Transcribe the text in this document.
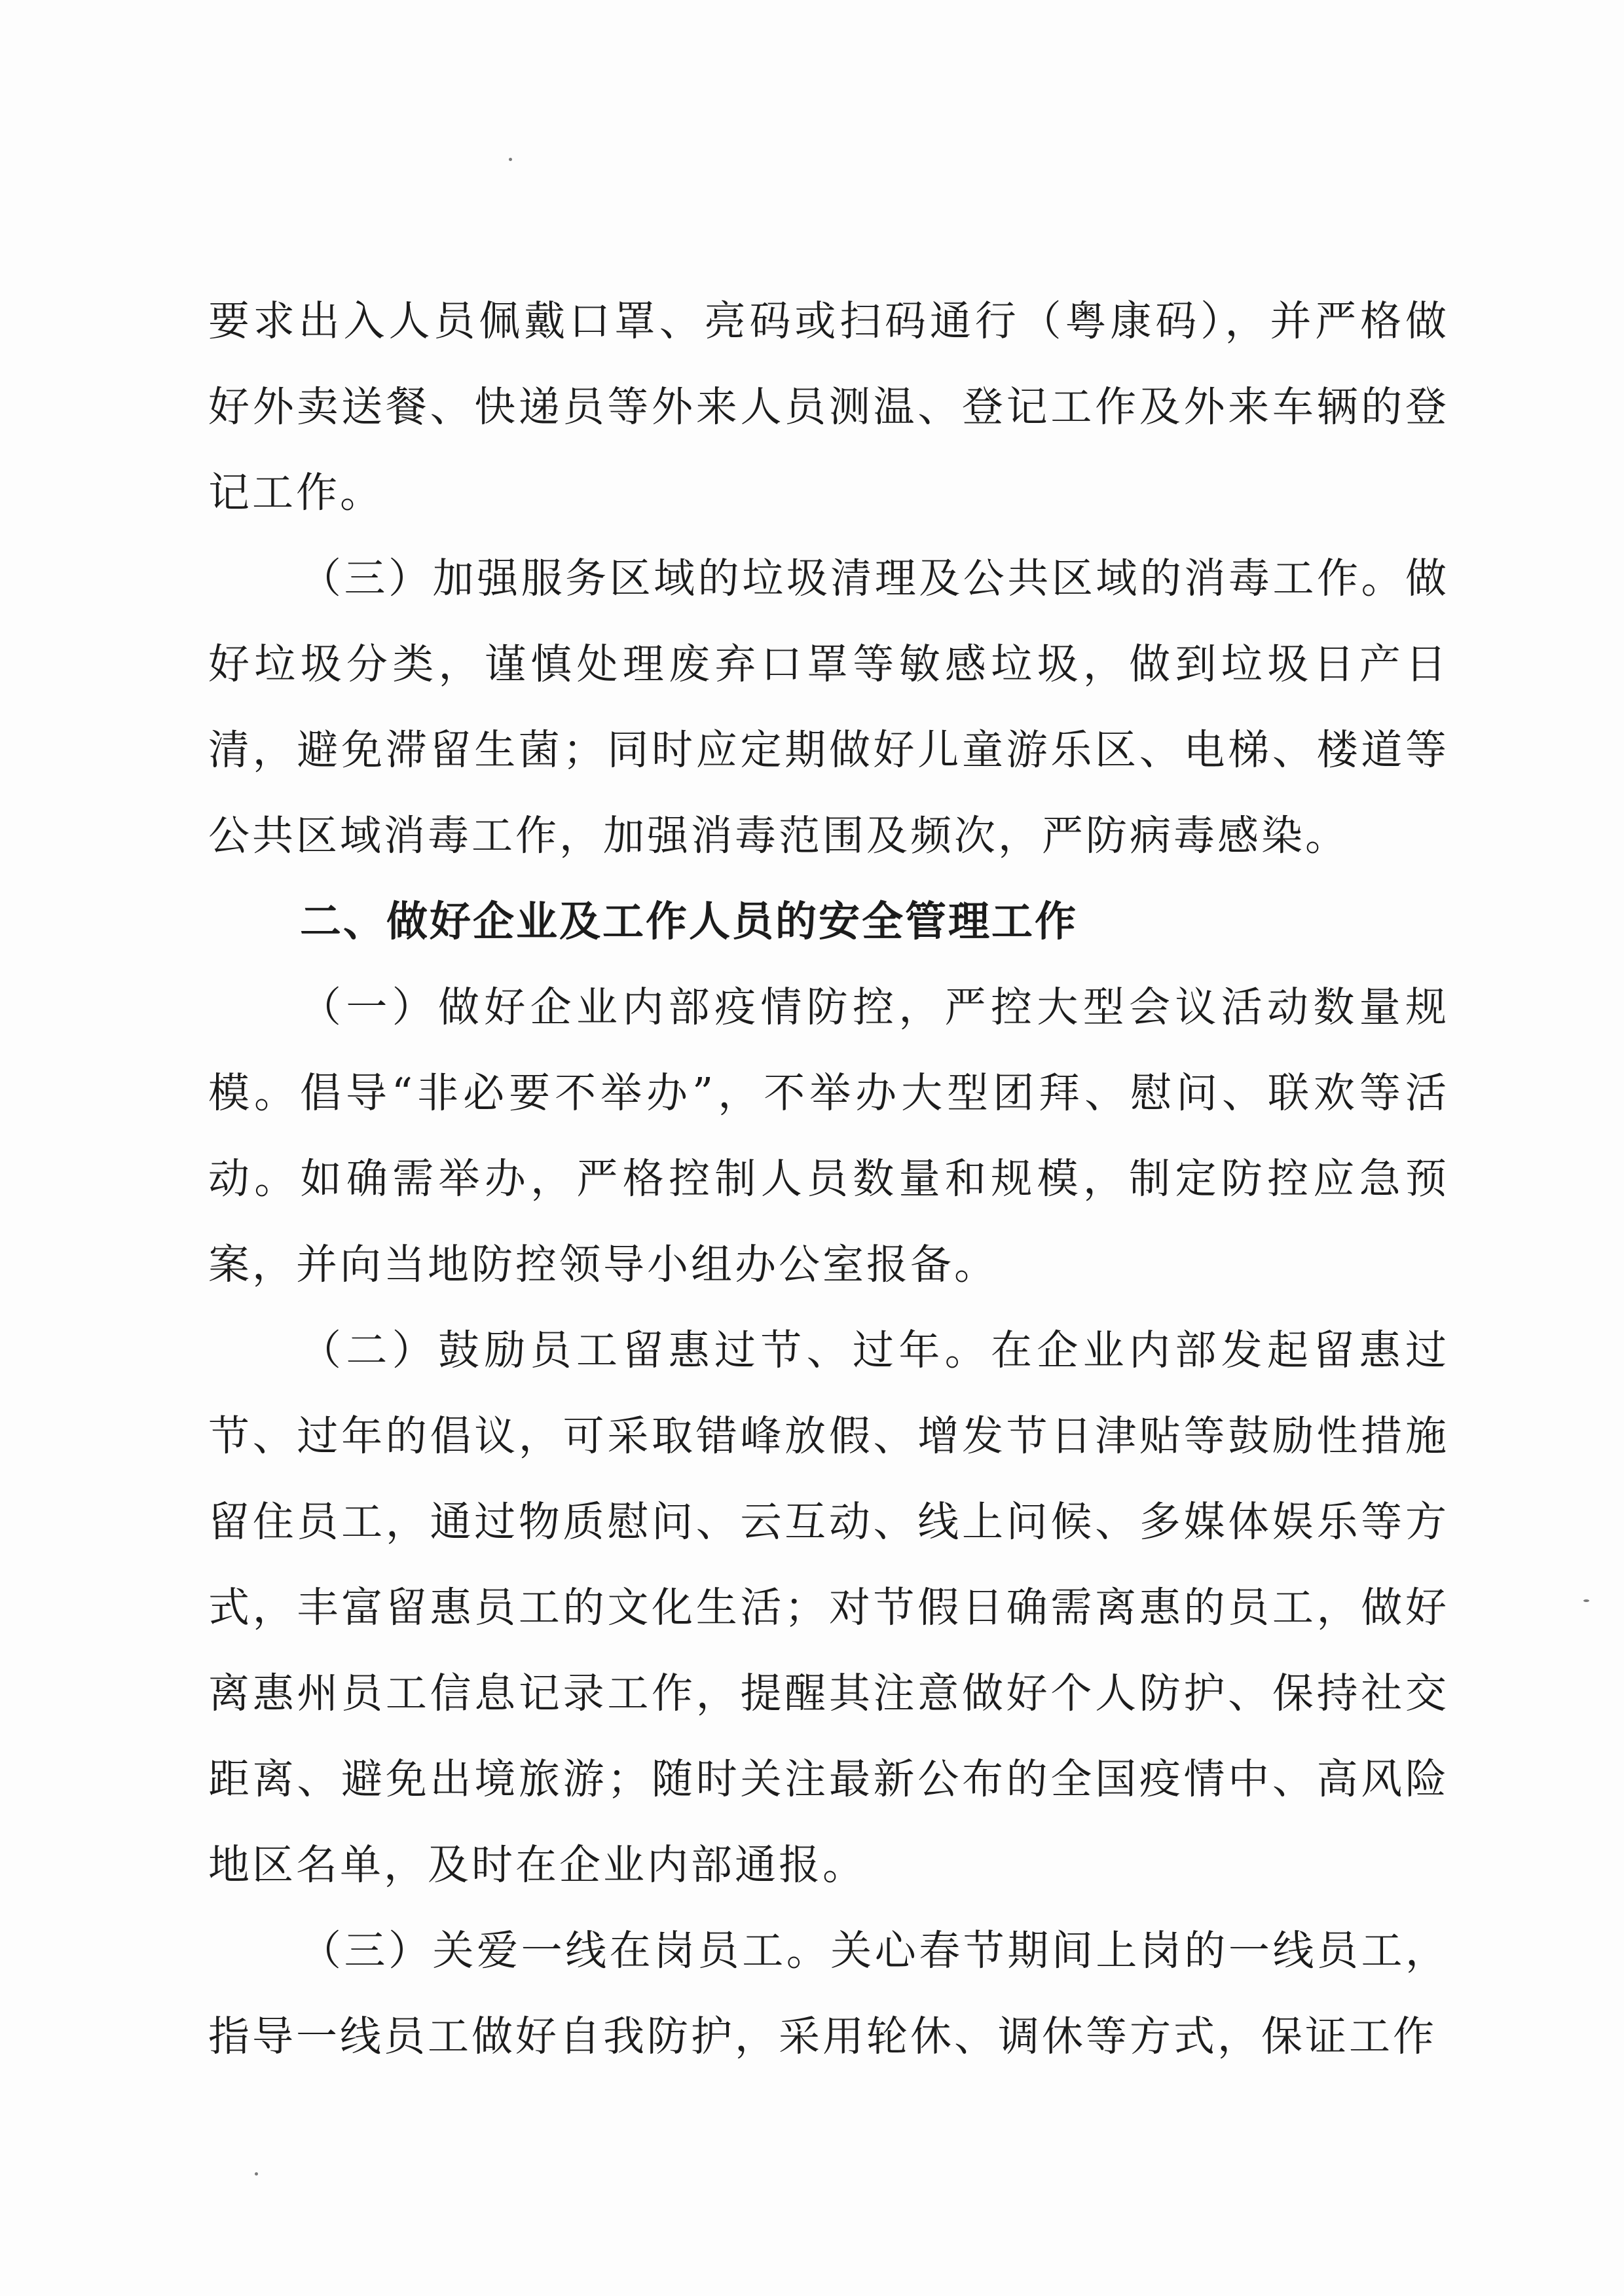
要求出入人员佩戴口罩、亮码或扫码通行（粤康码），并严格做好外卖送餐、快递员等外来人员测温、登记工作及外来车辆的登记工作。

（三）加强服务区域的垃圾清理及公共区域的消毒工作。做好垃圾分类，谨慎处理废弃口罩等敏感垃圾，做到垃圾日产日清，避免滞留生菌；同时应定期做好儿童游乐区、电梯、楼道等公共区域消毒工作，加强消毒范围及频次，严防病毒感染。

二、做好企业及工作人员的安全管理工作

（一）做好企业内部疫情防控，严控大型会议活动数量规模。倡导“非必要不举办”，不举办大型团拜、慰问、联欢等活动。如确需举办，严格控制人员数量和规模，制定防控应急预案，并向当地防控领导小组办公室报备。

（二）鼓励员工留惠过节、过年。在企业内部发起留惠过节、过年的倡议，可采取错峰放假、增发节日津贴等鼓励性措施留住员工，通过物质慰问、云互动、线上问候、多媒体娱乐等方式，丰富留惠员工的文化生活；对节假日确需离惠的员工，做好离惠州员工信息记录工作，提醒其注意做好个人防护、保持社交距离、避免出境旅游；随时关注最新公布的全国疫情中、高风险地区名单，及时在企业内部通报。

（三）关爱一线在岗员工。关心春节期间上岗的一线员工，指导一线员工做好自我防护，采用轮休、调休等方式，保证工作
